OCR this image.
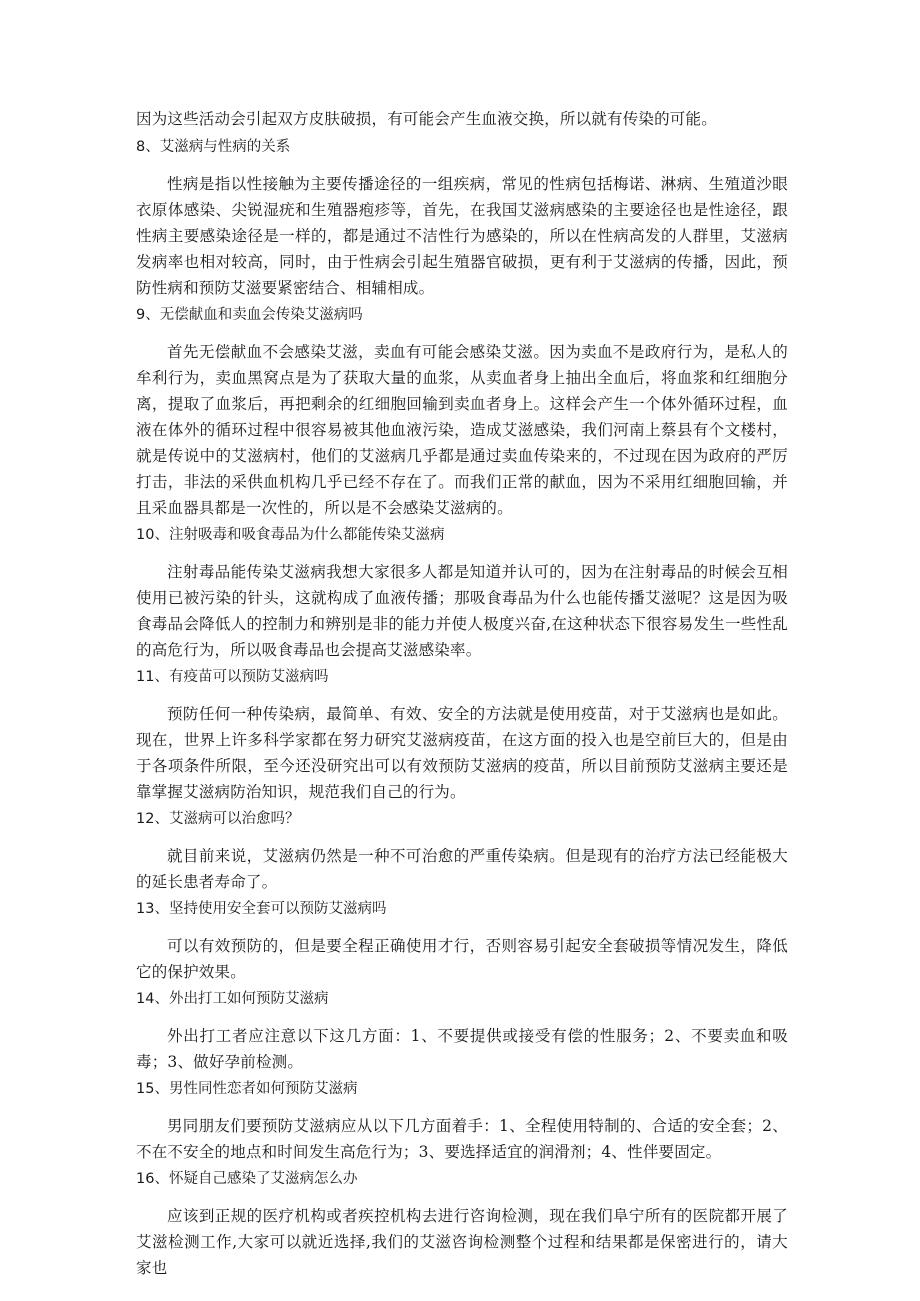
因为这些活动会引起双方皮肤破损，有可能会产生血液交换，所以就有传染的可能。

8、艾滋病与性病的关系

性病是指以性接触为主要传播途径的一组疾病，常见的性病包括梅诺、淋病、生殖道沙眼衣原体感染、尖锐湿疣和生殖器疱疹等，首先，在我国艾滋病感染的主要途径也是性途径，跟性病主要感染途径是一样的，都是通过不洁性行为感染的，所以在性病高发的人群里，艾滋病发病率也相对较高，同时，由于性病会引起生殖器官破损，更有利于艾滋病的传播，因此，预防性病和预防艾滋要紧密结合、相辅相成。

9、无偿献血和卖血会传染艾滋病吗

首先无偿献血不会感染艾滋，卖血有可能会感染艾滋。因为卖血不是政府行为，是私人的牟利行为，卖血黑窝点是为了获取大量的血浆，从卖血者身上抽出全血后，将血浆和红细胞分离，提取了血浆后，再把剩余的红细胞回输到卖血者身上。这样会产生一个体外循环过程，血液在体外的循环过程中很容易被其他血液污染，造成艾滋感染，我们河南上蔡县有个文楼村，就是传说中的艾滋病村，他们的艾滋病几乎都是通过卖血传染来的，不过现在因为政府的严厉打击，非法的采供血机构几乎已经不存在了。而我们正常的献血，因为不采用红细胞回输，并且采血器具都是一次性的，所以是不会感染艾滋病的。

10、注射吸毒和吸食毒品为什么都能传染艾滋病

注射毒品能传染艾滋病我想大家很多人都是知道并认可的，因为在注射毒品的时候会互相使用已被污染的针头，这就构成了血液传播；那吸食毒品为什么也能传播艾滋呢？这是因为吸食毒品会降低人的控制力和辨别是非的能力并使人极度兴奋,在这种状态下很容易发生一些性乱的高危行为，所以吸食毒品也会提高艾滋感染率。

11、有疫苗可以预防艾滋病吗

预防任何一种传染病，最简单、有效、安全的方法就是使用疫苗，对于艾滋病也是如此。现在，世界上许多科学家都在努力研究艾滋病疫苗，在这方面的投入也是空前巨大的，但是由于各项条件所限，至今还没研究出可以有效预防艾滋病的疫苗，所以目前预防艾滋病主要还是靠掌握艾滋病防治知识，规范我们自己的行为。

12、艾滋病可以治愈吗？

就目前来说，艾滋病仍然是一种不可治愈的严重传染病。但是现有的治疗方法已经能极大的延长患者寿命了。

13、坚持使用安全套可以预防艾滋病吗

可以有效预防的，但是要全程正确使用才行，否则容易引起安全套破损等情况发生，降低它的保护效果。

14、外出打工如何预防艾滋病

外出打工者应注意以下这几方面：1、不要提供或接受有偿的性服务；2、不要卖血和吸毒；3、做好孕前检测。

15、男性同性恋者如何预防艾滋病

男同朋友们要预防艾滋病应从以下几方面着手：1、全程使用特制的、合适的安全套；2、不在不安全的地点和时间发生高危行为；3、要选择适宜的润滑剂；4、性伴要固定。

16、怀疑自己感染了艾滋病怎么办

应该到正规的医疗机构或者疾控机构去进行咨询检测，现在我们阜宁所有的医院都开展了艾滋检测工作,大家可以就近选择,我们的艾滋咨询检测整个过程和结果都是保密进行的，请大家也
